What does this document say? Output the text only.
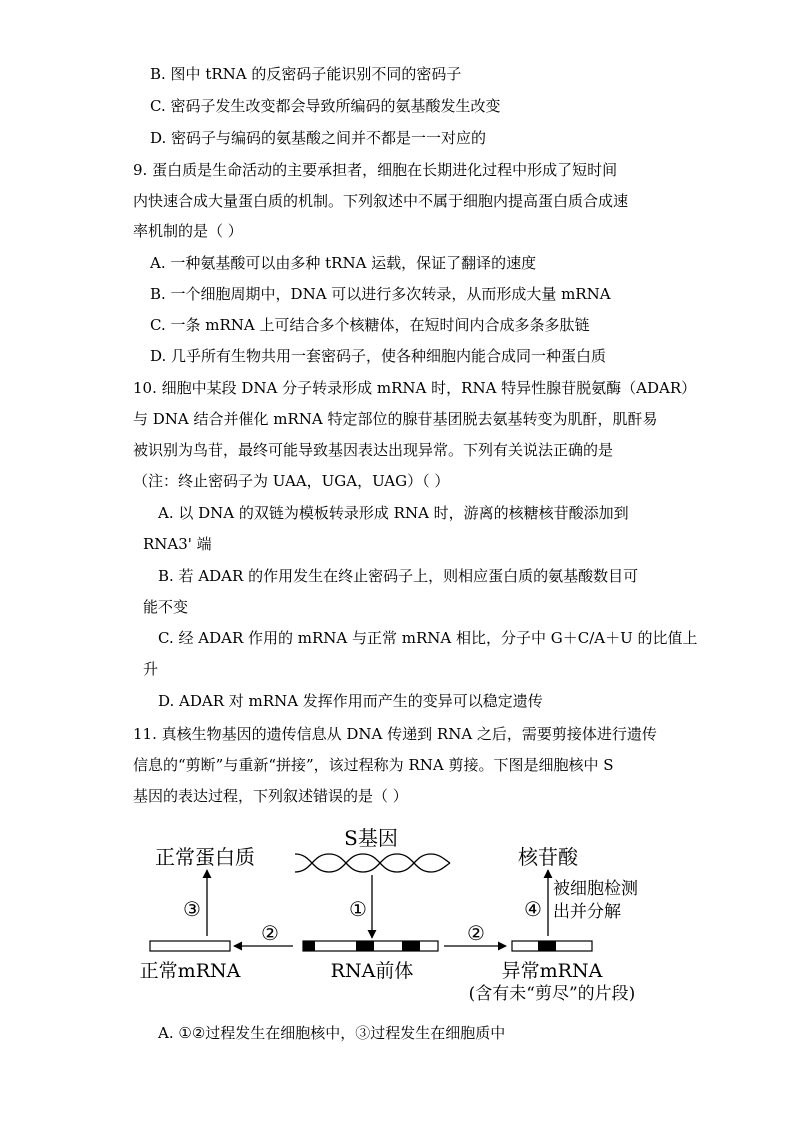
B. 图中 tRNA 的反密码子能识别不同的密码子
C. 密码子发生改变都会导致所编码的氨基酸发生改变
D. 密码子与编码的氨基酸之间并不都是一一对应的
9. 蛋白质是生命活动的主要承担者，细胞在长期进化过程中形成了短时间
内快速合成大量蛋白质的机制。下列叙述中不属于细胞内提高蛋白质合成速
率机制的是（ ）
A. 一种氨基酸可以由多种 tRNA 运载，保证了翻译的速度
B. 一个细胞周期中，DNA 可以进行多次转录，从而形成大量 mRNA
C. 一条 mRNA 上可结合多个核糖体，在短时间内合成多条多肽链
D. 几乎所有生物共用一套密码子，使各种细胞内能合成同一种蛋白质
10. 细胞中某段 DNA 分子转录形成 mRNA 时，RNA 特异性腺苷脱氨酶（ADAR）
与 DNA 结合并催化 mRNA 特定部位的腺苷基团脱去氨基转变为肌酐，肌酐易
被识别为鸟苷，最终可能导致基因表达出现异常。下列有关说法正确的是
（注：终止密码子为 UAA，UGA，UAG）（ ）
A. 以 DNA 的双链为模板转录形成 RNA 时，游离的核糖核苷酸添加到
RNA3' 端
B. 若 ADAR 的作用发生在终止密码子上，则相应蛋白质的氨基酸数目可
能不变
C. 经 ADAR 作用的 mRNA 与正常 mRNA 相比，分子中 G＋C/A＋U 的比值上
升
D. ADAR 对 mRNA 发挥作用而产生的变异可以稳定遗传
11. 真核生物基因的遗传信息从 DNA 传递到 RNA 之后，需要剪接体进行遗传
信息的“剪断”与重新“拼接”，该过程称为 RNA 剪接。下图是细胞核中 S
基因的表达过程，下列叙述错误的是（ ）
S基因
①
正常蛋白质
③
正常mRNA
②
RNA前体
②
异常mRNA
(含有未“剪尽”的片段)
④
被细胞检测
出并分解
核苷酸
A. ①②过程发生在细胞核中，③过程发生在细胞质中
